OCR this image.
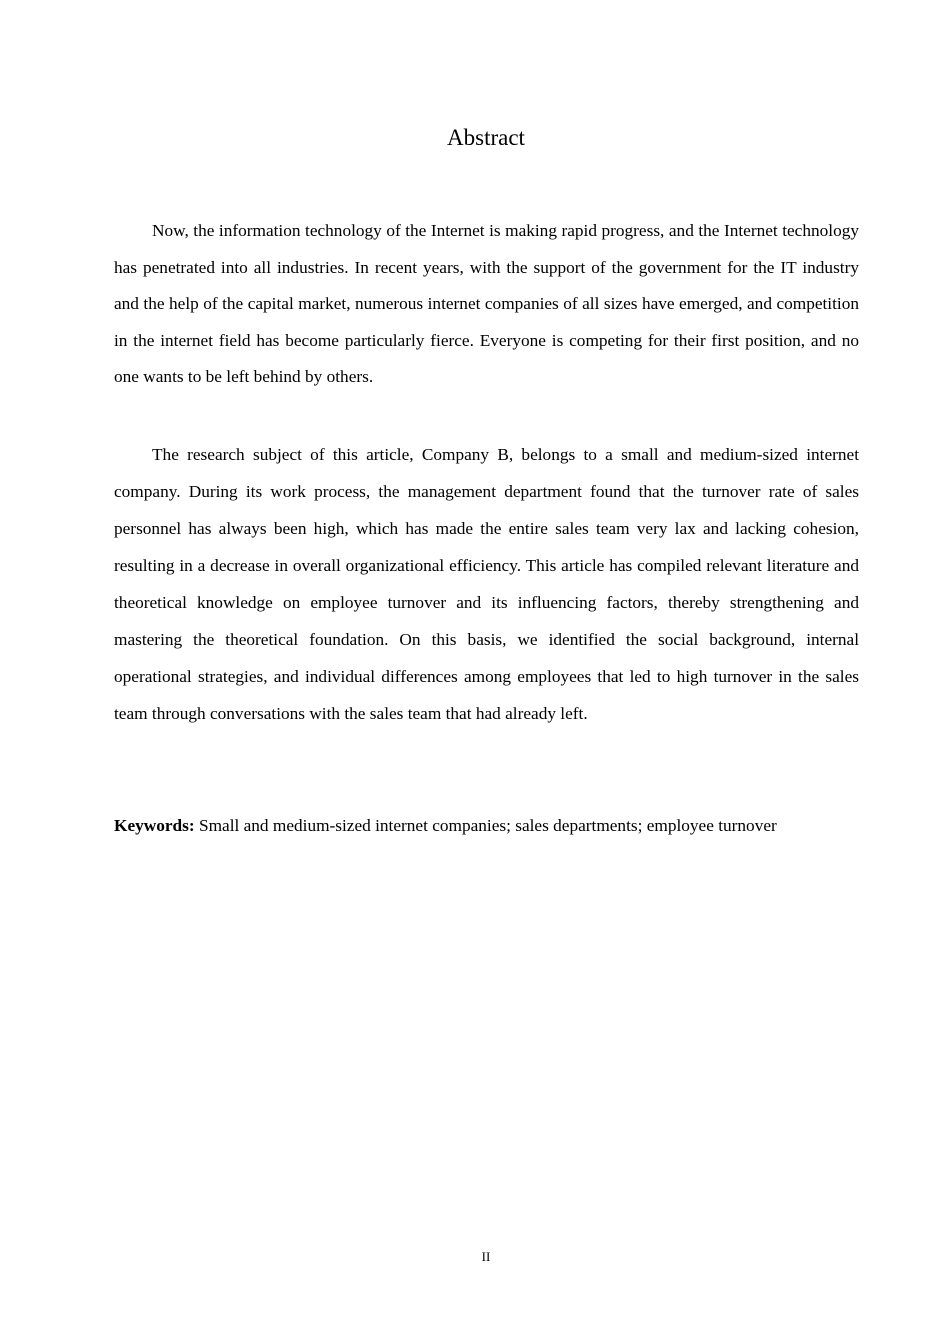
Abstract

Now, the information technology of the Internet is making rapid progress, and the Internet technology has penetrated into all industries. In recent years, with the support of the government for the IT industry and the help of the capital market, numerous internet companies of all sizes have emerged, and competition in the internet field has become particularly fierce. Everyone is competing for their first position, and no one wants to be left behind by others.

The research subject of this article, Company B, belongs to a small and medium-sized internet company. During its work process, the management department found that the turnover rate of sales personnel has always been high, which has made the entire sales team very lax and lacking cohesion, resulting in a decrease in overall organizational efficiency. This article has compiled relevant literature and theoretical knowledge on employee turnover and its influencing factors, thereby strengthening and mastering the theoretical foundation. On this basis, we identified the social background, internal operational strategies, and individual differences among employees that led to high turnover in the sales team through conversations with the sales team that had already left.

Keywords: Small and medium-sized internet companies; sales departments; employee turnover

II
